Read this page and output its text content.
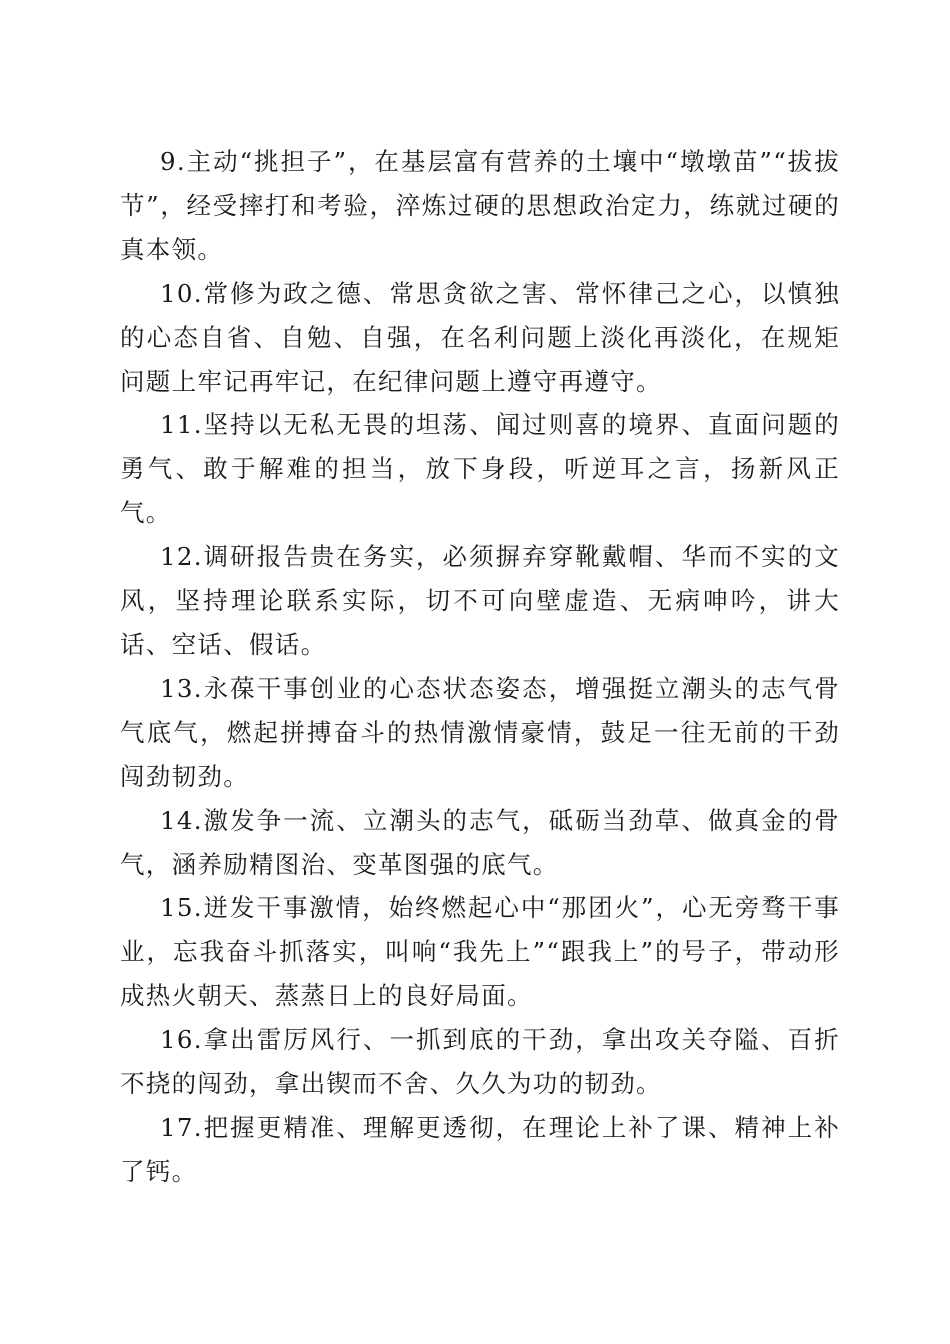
9.主动“挑担子”，在基层富有营养的土壤中“墩墩苗”“拔拔节”，经受摔打和考验，淬炼过硬的思想政治定力，练就过硬的真本领。

10.常修为政之德、常思贪欲之害、常怀律己之心，以慎独的心态自省、自勉、自强，在名利问题上淡化再淡化，在规矩问题上牢记再牢记，在纪律问题上遵守再遵守。

11.坚持以无私无畏的坦荡、闻过则喜的境界、直面问题的勇气、敢于解难的担当，放下身段，听逆耳之言，扬新风正气。

12.调研报告贵在务实，必须摒弃穿靴戴帽、华而不实的文风，坚持理论联系实际，切不可向壁虚造、无病呻吟，讲大话、空话、假话。

13.永葆干事创业的心态状态姿态，增强挺立潮头的志气骨气底气，燃起拼搏奋斗的热情激情豪情，鼓足一往无前的干劲闯劲韧劲。

14.激发争一流、立潮头的志气，砥砺当劲草、做真金的骨气，涵养励精图治、变革图强的底气。

15.迸发干事激情，始终燃起心中“那团火”，心无旁骛干事业，忘我奋斗抓落实，叫响“我先上”“跟我上”的号子，带动形成热火朝天、蒸蒸日上的良好局面。

16.拿出雷厉风行、一抓到底的干劲，拿出攻关夺隘、百折不挠的闯劲，拿出锲而不舍、久久为功的韧劲。

17.把握更精准、理解更透彻，在理论上补了课、精神上补了钙。
